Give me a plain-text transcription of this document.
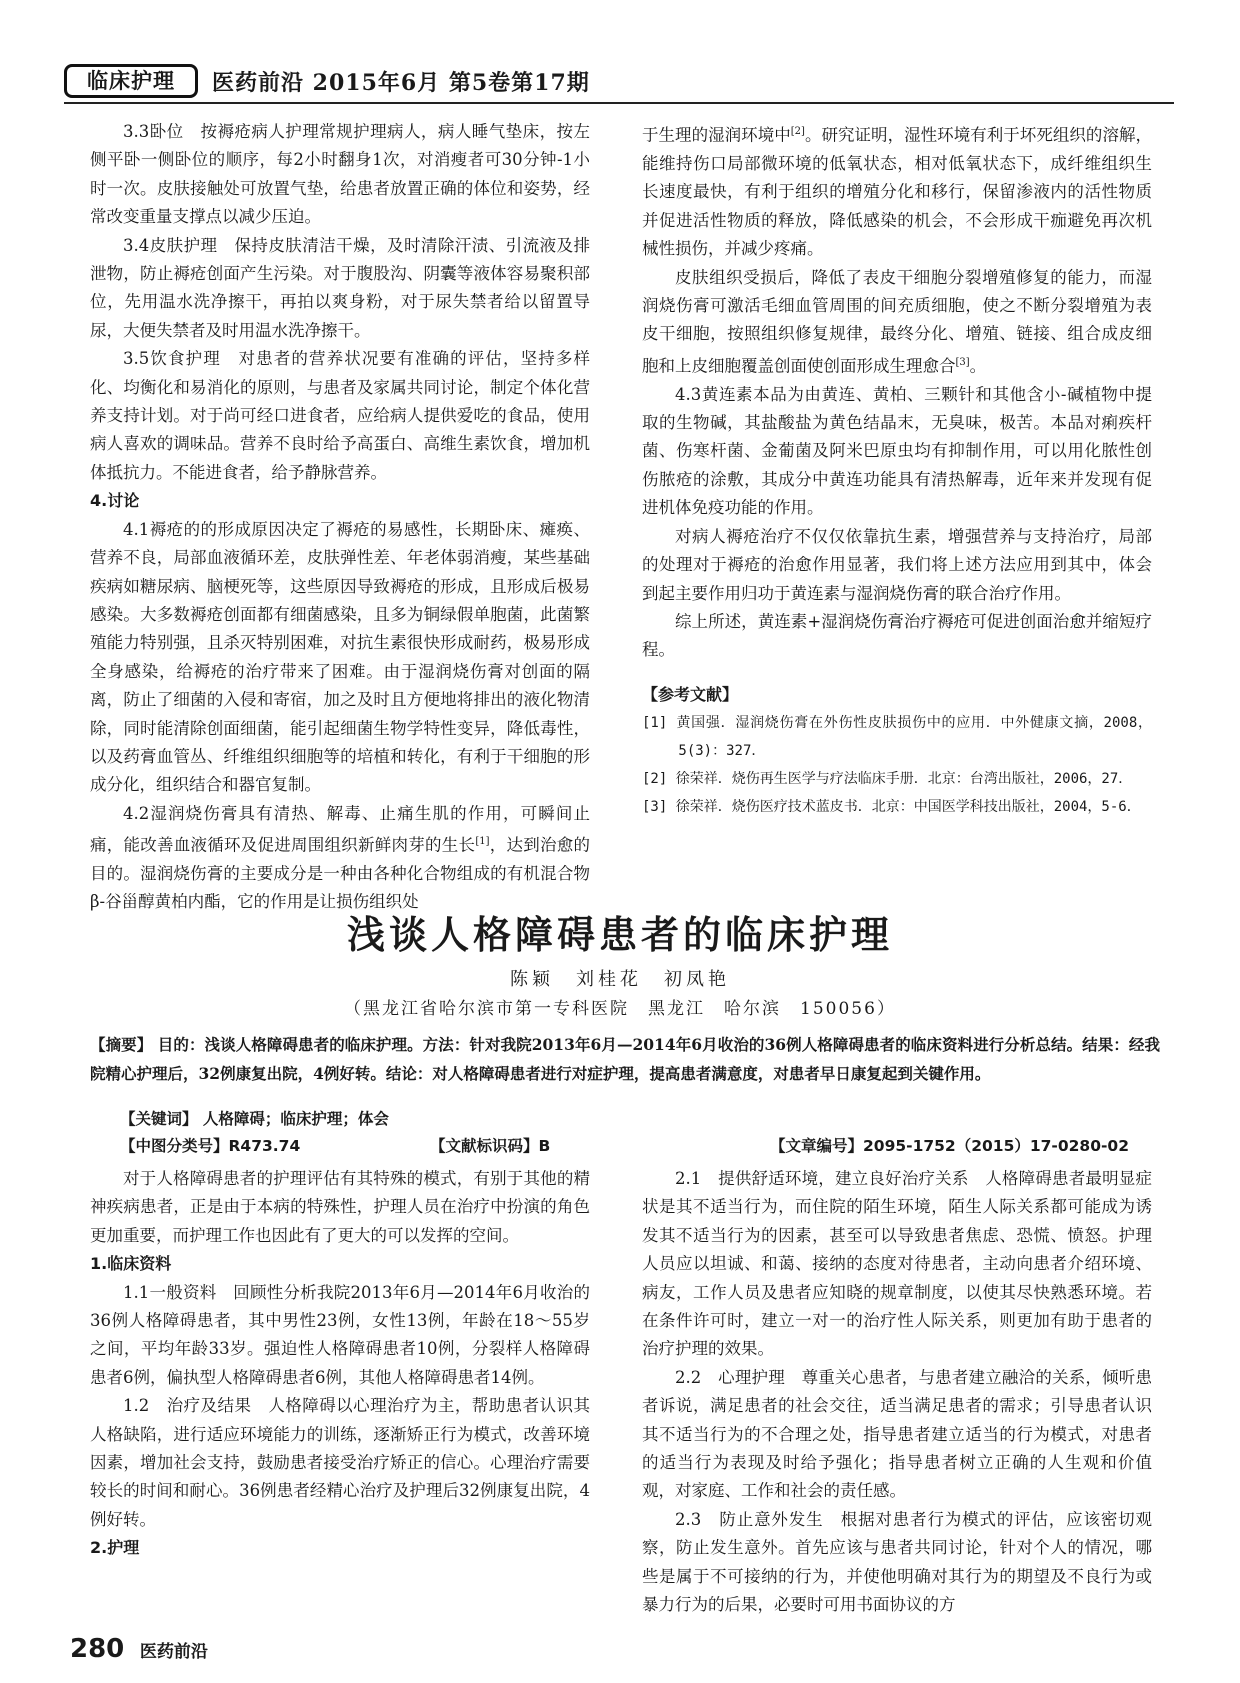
临床护理	医药前沿 2015年6月 第5卷第17期

3.3卧位　按褥疮病人护理常规护理病人，病人睡气垫床，按左侧平卧一侧卧位的顺序，每2小时翻身1次，对消瘦者可30分钟-1小时一次。皮肤接触处可放置气垫，给患者放置正确的体位和姿势，经常改变重量支撑点以减少压迫。

3.4皮肤护理　保持皮肤清洁干燥，及时清除汗渍、引流液及排泄物，防止褥疮创面产生污染。对于腹股沟、阴囊等液体容易聚积部位，先用温水洗净擦干，再拍以爽身粉，对于尿失禁者给以留置导尿，大便失禁者及时用温水洗净擦干。

3.5饮食护理　对患者的营养状况要有准确的评估，坚持多样化、均衡化和易消化的原则，与患者及家属共同讨论，制定个体化营养支持计划。对于尚可经口进食者，应给病人提供爱吃的食品，使用病人喜欢的调味品。营养不良时给予高蛋白、高维生素饮食，增加机体抵抗力。不能进食者，给予静脉营养。

4.讨论

4.1褥疮的的形成原因决定了褥疮的易感性，长期卧床、瘫痪、营养不良，局部血液循环差，皮肤弹性差、年老体弱消瘦，某些基础疾病如糖尿病、脑梗死等，这些原因导致褥疮的形成，且形成后极易感染。大多数褥疮创面都有细菌感染，且多为铜绿假单胞菌，此菌繁殖能力特别强，且杀灭特别困难，对抗生素很快形成耐药，极易形成全身感染，给褥疮的治疗带来了困难。由于湿润烧伤膏对创面的隔离，防止了细菌的入侵和寄宿，加之及时且方便地将排出的液化物清除，同时能清除创面细菌，能引起细菌生物学特性变异，降低毒性，以及药膏血管丛、纤维组织细胞等的培植和转化，有利于干细胞的形成分化，组织结合和器官复制。

4.2湿润烧伤膏具有清热、解毒、止痛生肌的作用，可瞬间止痛，能改善血液循环及促进周围组织新鲜肉芽的生长[1]，达到治愈的目的。湿润烧伤膏的主要成分是一种由各种化合物组成的有机混合物β-谷甾醇黄柏内酯，它的作用是让损伤组织处

于生理的湿润环境中[2]。研究证明，湿性环境有利于坏死组织的溶解，能维持伤口局部微环境的低氧状态，相对低氧状态下，成纤维组织生长速度最快，有利于组织的增殖分化和移行，保留渗液内的活性物质并促进活性物质的释放，降低感染的机会，不会形成干痂避免再次机械性损伤，并减少疼痛。

皮肤组织受损后，降低了表皮干细胞分裂增殖修复的能力，而湿润烧伤膏可激活毛细血管周围的间充质细胞，使之不断分裂增殖为表皮干细胞，按照组织修复规律，最终分化、增殖、链接、组合成皮细胞和上皮细胞覆盖创面使创面形成生理愈合[3]。

4.3黄连素本品为由黄连、黄柏、三颗针和其他含小-碱植物中提取的生物碱，其盐酸盐为黄色结晶末，无臭味，极苦。本品对痢疾杆菌、伤寒杆菌、金葡菌及阿米巴原虫均有抑制作用，可以用化脓性创伤脓疮的涂敷，其成分中黄连功能具有清热解毒，近年来并发现有促进机体免疫功能的作用。

对病人褥疮治疗不仅仅依靠抗生素，增强营养与支持治疗，局部的处理对于褥疮的治愈作用显著，我们将上述方法应用到其中，体会到起主要作用归功于黄连素与湿润烧伤膏的联合治疗作用。

综上所述，黄连素+湿润烧伤膏治疗褥疮可促进创面治愈并缩短疗程。

【参考文献】
[1] 黄国强．湿润烧伤膏在外伤性皮肤损伤中的应用．中外健康文摘，2008，5(3)：327．
[2] 徐荣祥．烧伤再生医学与疗法临床手册．北京：台湾出版社，2006，27．
[3] 徐荣祥．烧伤医疗技术蓝皮书．北京：中国医学科技出版社，2004，5-6．
浅谈人格障碍患者的临床护理
陈颖　刘桂花　初凤艳
（黑龙江省哈尔滨市第一专科医院　黑龙江　哈尔滨　150056）
【摘要】 目的：浅谈人格障碍患者的临床护理。方法：针对我院2013年6月—2014年6月收治的36例人格障碍患者的临床资料进行分析总结。结果：经我院精心护理后，32例康复出院，4例好转。结论：对人格障碍患者进行对症护理，提高患者满意度，对患者早日康复起到关键作用。
【关键词】 人格障碍；临床护理；体会
【中图分类号】R473.74	【文献标识码】B	【文章编号】2095-1752（2015）17-0280-02

对于人格障碍患者的护理评估有其特殊的模式，有别于其他的精神疾病患者，正是由于本病的特殊性，护理人员在治疗中扮演的角色更加重要，而护理工作也因此有了更大的可以发挥的空间。

1.临床资料

1.1一般资料　回顾性分析我院2013年6月—2014年6月收治的36例人格障碍患者，其中男性23例，女性13例，年龄在18～55岁之间，平均年龄33岁。强迫性人格障碍患者10例，分裂样人格障碍患者6例，偏执型人格障碍患者6例，其他人格障碍患者14例。

1.2　治疗及结果　人格障碍以心理治疗为主，帮助患者认识其人格缺陷，进行适应环境能力的训练，逐渐矫正行为模式，改善环境因素，增加社会支持，鼓励患者接受治疗矫正的信心。心理治疗需要较长的时间和耐心。36例患者经精心治疗及护理后32例康复出院，4例好转。

2.护理

2.1　提供舒适环境，建立良好治疗关系　人格障碍患者最明显症状是其不适当行为，而住院的陌生环境，陌生人际关系都可能成为诱发其不适当行为的因素，甚至可以导致患者焦虑、恐慌、愤怒。护理人员应以坦诚、和蔼、接纳的态度对待患者，主动向患者介绍环境、病友，工作人员及患者应知晓的规章制度，以使其尽快熟悉环境。若在条件许可时，建立一对一的治疗性人际关系，则更加有助于患者的治疗护理的效果。

2.2　心理护理　尊重关心患者，与患者建立融洽的关系，倾听患者诉说，满足患者的社会交往，适当满足患者的需求；引导患者认识其不适当行为的不合理之处，指导患者建立适当的行为模式，对患者的适当行为表现及时给予强化；指导患者树立正确的人生观和价值观，对家庭、工作和社会的责任感。

2.3　防止意外发生　根据对患者行为模式的评估，应该密切观察，防止发生意外。首先应该与患者共同讨论，针对个人的情况，哪些是属于不可接纳的行为，并使他明确对其行为的期望及不良行为或暴力行为的后果，必要时可用书面协议的方

280 医药前沿
